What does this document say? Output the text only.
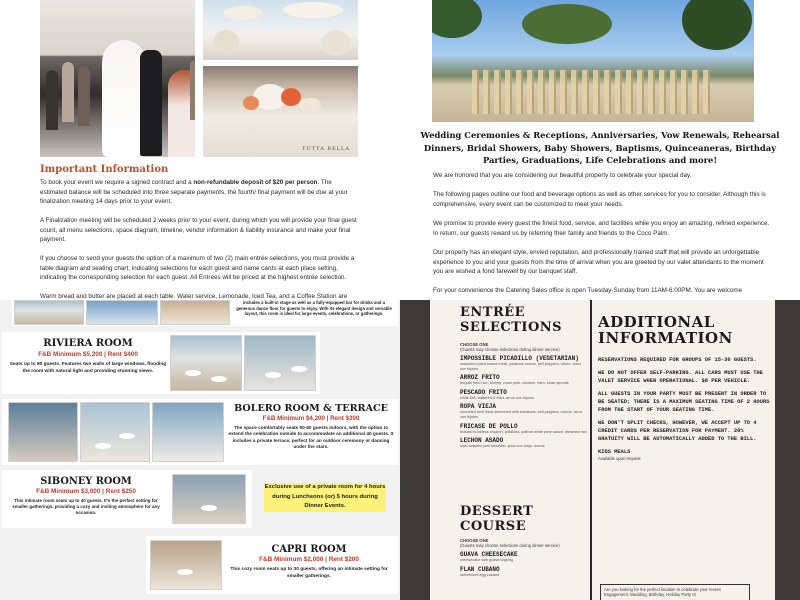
TUTTA BELLA
Important Information

To book your event we require a signed contract and a non-refundable deposit of $20 per person. The estimated balance will be scheduled into three separate payments, the fourth/ final payment will be due at your finalization meeting 14 days prior to your event.

A Finalization meeting will be scheduled 2 weeks prior to your event, during which you will provide your final guest count, all menu selections, space diagram, timeline, vendor information & liability insurance and make your final payment.

If you choose to send your guests the option of a maximum of two (2) main entrée selections, you must provide a table diagram and seating chart, indicating selections for each guest and name cards at each place setting, indicating the corresponding selection for each guest. All Entrees will be priced at the highest entrée selection.

Warm bread and butter are placed at each table. Water service, Lemonade, Iced Tea, and a Coffee Station are

Wedding Ceremonies & Receptions, Anniversaries, Vow Renewals, Rehearsal Dinners, Bridal Showers, Baby Showers, Baptisms, Quinceaneras, Birthday Parties, Graduations, Life Celebrations and more!

We are honored that you are considering our beautiful property to celebrate your special day.

The following pages outline our food and beverage options as well as other services for you to consider. Although this is comprehensive, every event can be customized to meet your needs.

We promise to provide every guest the finest food, service, and facilities while you enjoy an amazing, refined experience. In return, our guests reward us by referring their family and friends to the Coco Palm.

Our property has an elegant style, envied reputation, and professionally trained staff that will provide an unforgettable experience to you and your guests from the time of arrival when you are greeted by our valet attendants to the moment you are wished a fond farewell by our banquet staff.

For your convenience the Catering Sales office is open Tuesday-Sunday from 11AM-6:00PM. You are welcome

includes a built-in stage as well as a fully-equipped bar for drinks and a generous dance floor for guests to enjoy. With its elegant design and versatile layout, this room is ideal for large events, celebrations, or gatherings.
RIVIERA ROOM
F&B Minimum $5,200 | Rent $400
Seats up to 80 guests. Features two walls of large windows, flooding the room with natural light and providing stunning views.
BOLERO ROOM & TERRACE
F&B Minimum $4,200 | Rent $300
The space comfortably seats 50-60 guests indoors, with the option to extend the celebration outside to accommodate an additional 40 guests. It includes a private terrace, perfect for an outdoor ceremony or dancing under the stars.
SIBONEY ROOM
F&B Minimum $3,000 | Rent $250
This intimate room seats up to 40 guests. It's the perfect setting for smaller gatherings, providing a cozy and inviting atmosphere for any occasion.
Exclusive use of a private room for 4 hours during Luncheons (or) 5 hours during Dinner Events.
CAPRI ROOM
F&B Minimum $2,000 | Rent $200
This cozy room seats up to 30 guests, offering an intimate setting for smaller gatherings.
ENTRÉE SELECTIONS
CHOOSE ONE
(Guests may choose selections during dinner service)
IMPOSSIBLE PICADILLO (VEGETARIAN)
seasoned plant-based meat, potatoes onions, bell peppers, olives, arroz con frijoles
ARROZ FRITO
teriyaki fried rice, shrimp, roast pork, chicken, ham, bean sprouts
PESCADO FRITO
white fish, battered & fried, arroz con frijoles
ROPA VIEJA
shredded beef flank simmered with tomatoes, bell peppers, onions, arroz con frijoles
FRICASE DE POLLO
braised boneless chicken, potatoes, saffron white wine sauce, steamed rice
LECHON ASADO
slow-roasted pork shoulder, yuca con mojo, moros
DESSERT COURSE
CHOOSE ONE
(Guests may choose selections during dinner service)
GUAVA CHEESECAKE
cheesecake with guava topping
FLAN CUBANO
sweetened egg custard
ADDITIONAL
INFORMATION
RESERVATIONS REQUIRED FOR GROUPS OF 15-30 GUESTS.
WE DO NOT OFFER SELF-PARKING. ALL CARS MUST USE THE VALET SERVICE WHEN OPERATIONAL. $8 PER VEHICLE.
ALL GUESTS IN YOUR PARTY MUST BE PRESENT IN ORDER TO BE SEATED; THERE IS A MAXIMUM SEATING TIME OF 2 HOURS FROM THE START OF YOUR SEATING TIME.
WE DON'T SPLIT CHECKS, HOWEVER, WE ACCEPT UP TO 4 CREDIT CARDS PER RESERVATION FOR PAYMENT. 20% GRATUITY WILL BE AUTOMATICALLY ADDED TO THE BILL.
KIDS MEALS
Available upon request
Are you looking for the perfect location to celebrate your recent Engagement, Wedding, Birthday, Holiday Party or
